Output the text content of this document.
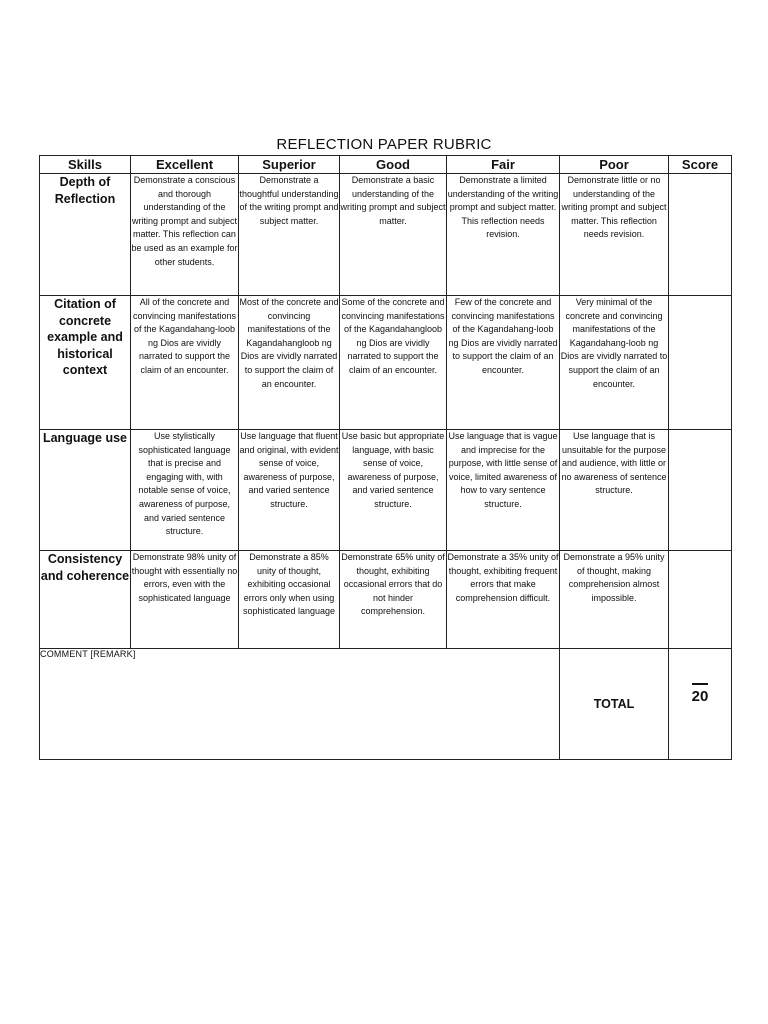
REFLECTION PAPER RUBRIC
Skills	Excellent	Superior	Good	Fair	Poor	Score
Depth of Reflection	Demonstrate a conscious and thorough understanding of the writing prompt and subject matter. This reflection can be used as an example for other students.	Demonstrate a thoughtful understanding of the writing prompt and subject matter.	Demonstrate a basic understanding of the writing prompt and subject matter.	Demonstrate a limited understanding of the writing prompt and subject matter. This reflection needs revision.	Demonstrate little or no understanding of the writing prompt and subject matter. This reflection needs revision.	
Citation of concrete example and historical context	All of the concrete and convincing manifestations of the Kagandahang-loob ng Dios are vividly narrated to support the claim of an encounter.	Most of the concrete and convincing manifestations of the Kagandahangloob ng Dios are vividly narrated to support the claim of an encounter.	Some of the concrete and convincing manifestations of the Kagandahangloob ng Dios are vividly narrated to support the claim of an encounter.	Few of the concrete and convincing manifestations of the Kagandahang-loob ng Dios are vividly narrated to support the claim of an encounter.	Very minimal of the concrete and convincing manifestations of the Kagandahang-loob ng Dios are vividly narrated to support the claim of an encounter.	
Language use	Use stylistically sophisticated language that is precise and engaging with, with notable sense of voice, awareness of purpose, and varied sentence structure.	Use language that fluent and original, with evident sense of voice, awareness of purpose, and varied sentence structure.	Use basic but appropriate language, with basic sense of voice, awareness of purpose, and varied sentence structure.	Use language that is vague and imprecise for the purpose, with little sense of voice, limited awareness of how to vary sentence structure.	Use language that is unsuitable for the purpose and audience, with little or no awareness of sentence structure.	
Consistency and coherence	Demonstrate 98% unity of thought with essentially no errors, even with the sophisticated language	Demonstrate a 85% unity of thought, exhibiting occasional errors only when using sophisticated language	Demonstrate 65% unity of thought, exhibiting occasional errors that do not hinder comprehension.	Demonstrate a 35% unity of thought, exhibiting frequent errors that make comprehension difficult.	Demonstrate a 95% unity of thought, making comprehension almost impossible.	
COMMENT [REMARK]					TOTAL	20
